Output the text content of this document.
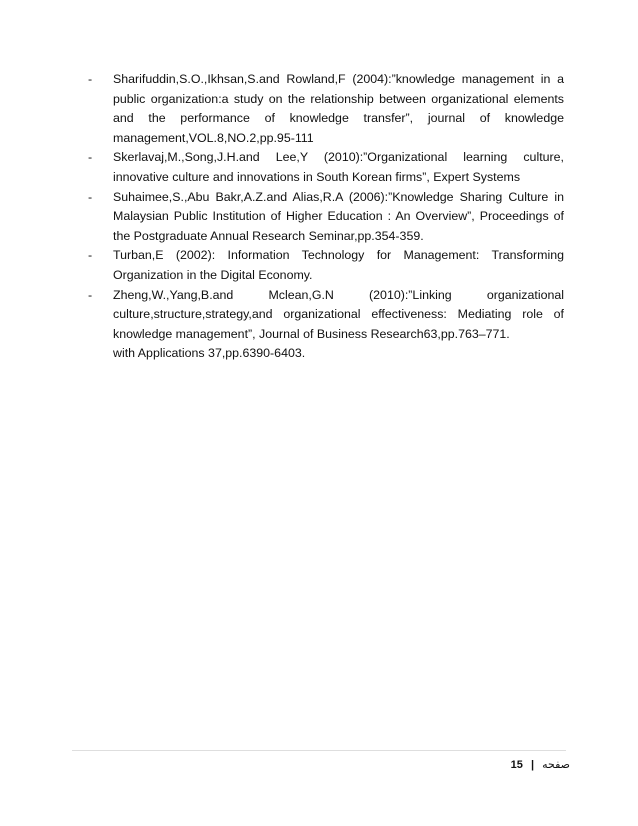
- Sharifuddin,S.O.,Ikhsan,S.and Rowland,F (2004):”knowledge management in a public organization:a study on the relationship between organizational elements and the performance of knowledge transfer”, journal of knowledge management,VOL.8,NO.2,pp.95-111
- Skerlavaj,M.,Song,J.H.and Lee,Y (2010):”Organizational learning culture, innovative culture and innovations in South Korean firms”, Expert Systems
- Suhaimee,S.,Abu Bakr,A.Z.and Alias,R.A (2006):”Knowledge Sharing Culture in Malaysian Public Institution of Higher Education : An Overview”, Proceedings of the Postgraduate Annual Research Seminar,pp.354-359.
- Turban,E (2002): Information Technology for Management: Transforming Organization in the Digital Economy.
- Zheng,W.,Yang,B.and Mclean,G.N (2010):”Linking organizational culture,structure,strategy,and organizational effectiveness: Mediating role of knowledge management”, Journal of Business Research63,pp.763–771.
with Applications 37,pp.6390-6403.
15 | صفحه
